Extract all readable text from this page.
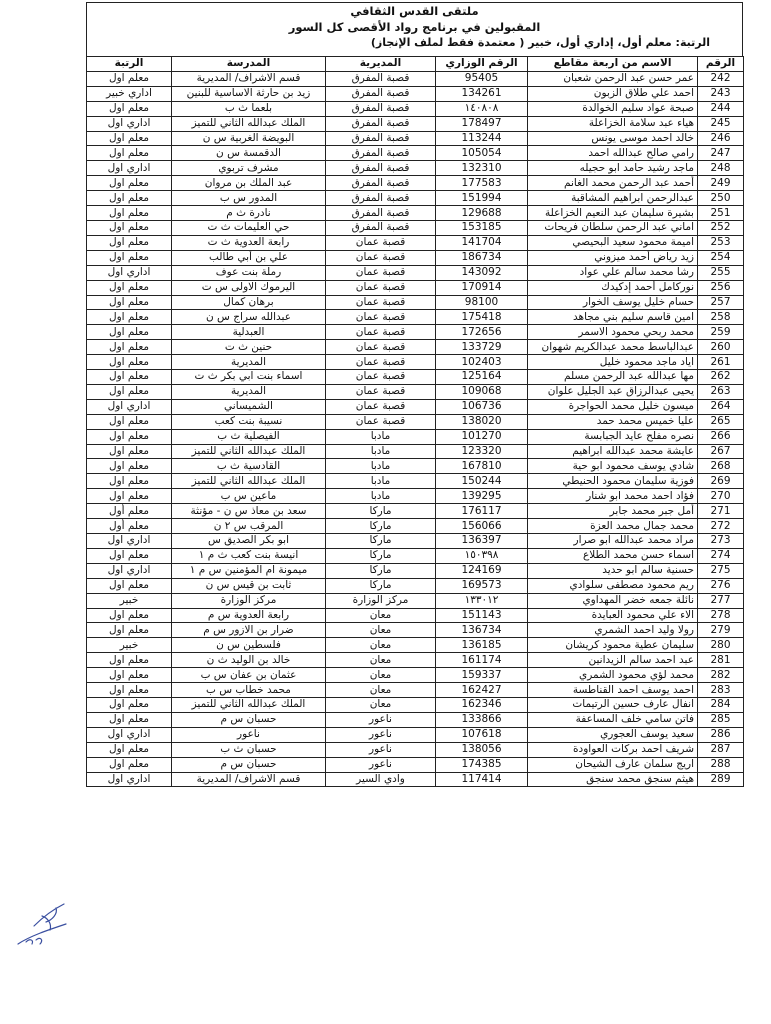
ملتقى القدس الثقافي
المقبولين في برنامج رواد الأقصى كل السور
الرتبة: معلم أول، إداري أول، خبير ( معتمدة فقط لملف الإنجاز)
الرقم	الاسم من اربعة مقاطع	الرقم الوزاري	المديرية	المدرسة	الرتبة
242	عمر حسن عبد الرحمن شعبان	95405	قصبة المفرق	قسم الاشراف/ المديرية	معلم اول
243	احمد علي طلاق الزبون	134261	قصبة المفرق	زيد بن حارثة الاساسية للبنين	اداري خبير
244	صبحة عواد سليم الخوالدة	١٤٠٨٠٨	قصبة المفرق	بلعما ث ب	معلم اول
245	هياء عبد سلامة الخزاعلة	178497	قصبة المفرق	الملك عبدالله الثاني للتميز	اداري اول
246	خالد احمد موسى يونس	113244	قصبة المفرق	البويضة الغربية س ن	معلم اول
247	رامي صالح عبدالله احمد	105054	قصبة المفرق	الدقمسة س ن	معلم اول
248	ماجد رشيد حامد ابو حجيله	132310	قصبة المفرق	مشرف تربوي	اداري اول
249	أحمد عبد الرحمن محمد الغانم	177583	قصبة المفرق	عبد الملك بن مروان	معلم اول
250	عبدالرحمن ابراهيم المشاقبة	151994	قصبة المفرق	المدور س ب	معلم اول
251	بشيرة سليمان عبد النعيم الخزاعلة	129688	قصبة المفرق	نادرة ث م	معلم اول
252	اماني عبد الرحمن سلطان فريحات	153185	قصبة المفرق	حي العليمات ث ت	معلم اول
253	اميمة محمود سعيد البحيصي	141704	قصبة عمان	رابعة العدوية ث ت	معلم اول
254	زيد رياض أحمد ميزوني	186734	قصبة عمان	علي بن أبي طالب	معلم اول
255	رشا محمد سالم علي عواد	143092	قصبة عمان	رملة بنت عوف	اداري اول
256	نوركامل أحمد إدكيدك	170914	قصبة عمان	اليرموك الاولى س ت	معلم اول
257	حسام خليل يوسف الخوار	98100	قصبة عمان	برهان كمال	معلم اول
258	امين قاسم سليم بني مجاهد	175418	قصبة عمان	عبدالله سراج س ن	معلم اول
259	محمد ربحي محمود الاسمر	172656	قصبة عمان	العبدلية	معلم اول
260	عبدالباسط محمد عبدالكريم شهوان	133729	قصبة عمان	حنين ث ت	معلم اول
261	اياد ماجد محمود خليل	102403	قصبة عمان	المديرية	معلم اول
262	مها عبدالله عبد الرحمن مسلم	125164	قصبة عمان	اسماء بنت ابي بكر ث ت	معلم اول
263	يحيى عبدالرزاق عبد الجليل علوان	109068	قصبة عمان	المديرية	معلم اول
264	ميسون خليل محمد الحواجرة	106736	قصبة عمان	الشميساني	اداري اول
265	عليا خميس محمد حمد	138020	قصبة عمان	نسيبة بنت كعب	معلم اول
266	نصره مفلح عايد الجبابسة	101270	مادبا	الفيصلية ث ب	معلم اول
267	عايشة محمد عبدالله ابراهيم	123320	مادبا	الملك عبدالله الثاني للتميز	معلم اول
268	شادي يوسف محمود ابو حية	167810	مادبا	القادسية ث ب	معلم اول
269	فوزية سليمان محمود الحنيطي	150244	مادبا	الملك عبدالله الثاني للتميز	معلم اول
270	فؤاد احمد محمد ابو شنار	139295	مادبا	ماعين س ب	معلم اول
271	أمل جبر محمد جابر	176117	ماركا	سعد بن معاذ س ن - مؤنثة	معلم أول
272	محمد جمال محمد العزة	156066	ماركا	المرقب س ٢ ن	معلم أول
273	مراد محمد عبدالله ابو صرار	136397	ماركا	ابو بكر الصديق س	اداري اول
274	اسماء حسن محمد الطلاع	١٥٠٣٩٨	ماركا	انيسة بنت كعب ث م ١	معلم اول
275	حسنية سالم ابو حديد	124169	ماركا	ميمونة ام المؤمنين س م ١	اداري اول
276	ريم محمود مصطفى سلوادي	169573	ماركا	ثابت بن قيس س ن	معلم اول
277	نائلة جمعه خضر المهداوي	١٣٣٠١٢	مركز الوزارة	مركز الوزارة	خبير
278	الاء علي محمود العبايدة	151143	معان	رابعة العدوية س م	معلم اول
279	رولا وليد احمد الشمري	136734	معان	ضرار بن الازور س م	معلم اول
280	سليمان عطية محمود كريشان	136185	معان	فلسطين س ن	خبير
281	عبد احمد سالم الزيدانين	161174	معان	خالد بن الوليد ث ن	معلم اول
282	محمد لؤي محمود الشمري	159337	معان	عثمان بن عفان س ب	معلم اول
283	احمد يوسف احمد القناطسة	162427	معان	محمد خطاب س ب	معلم اول
284	انفال عارف حسين الرتيمات	162346	معان	الملك عبدالله الثاني للتميز	معلم اول
285	فاتن سامي خلف المساعفة	133866	ناعور	حسبان س م	معلم اول
286	سعيد يوسف العجوري	107618	ناعور	ناعور	اداري اول
287	شريف احمد بركات العواودة	138056	ناعور	حسبان ث ب	معلم اول
288	اريج سلمان عارف الشيحان	174385	ناعور	حسبان س م	معلم اول
289	هيثم سنجق محمد سنجق	117414	وادي السير	قسم الاشراف/ المديرية	اداري اول
